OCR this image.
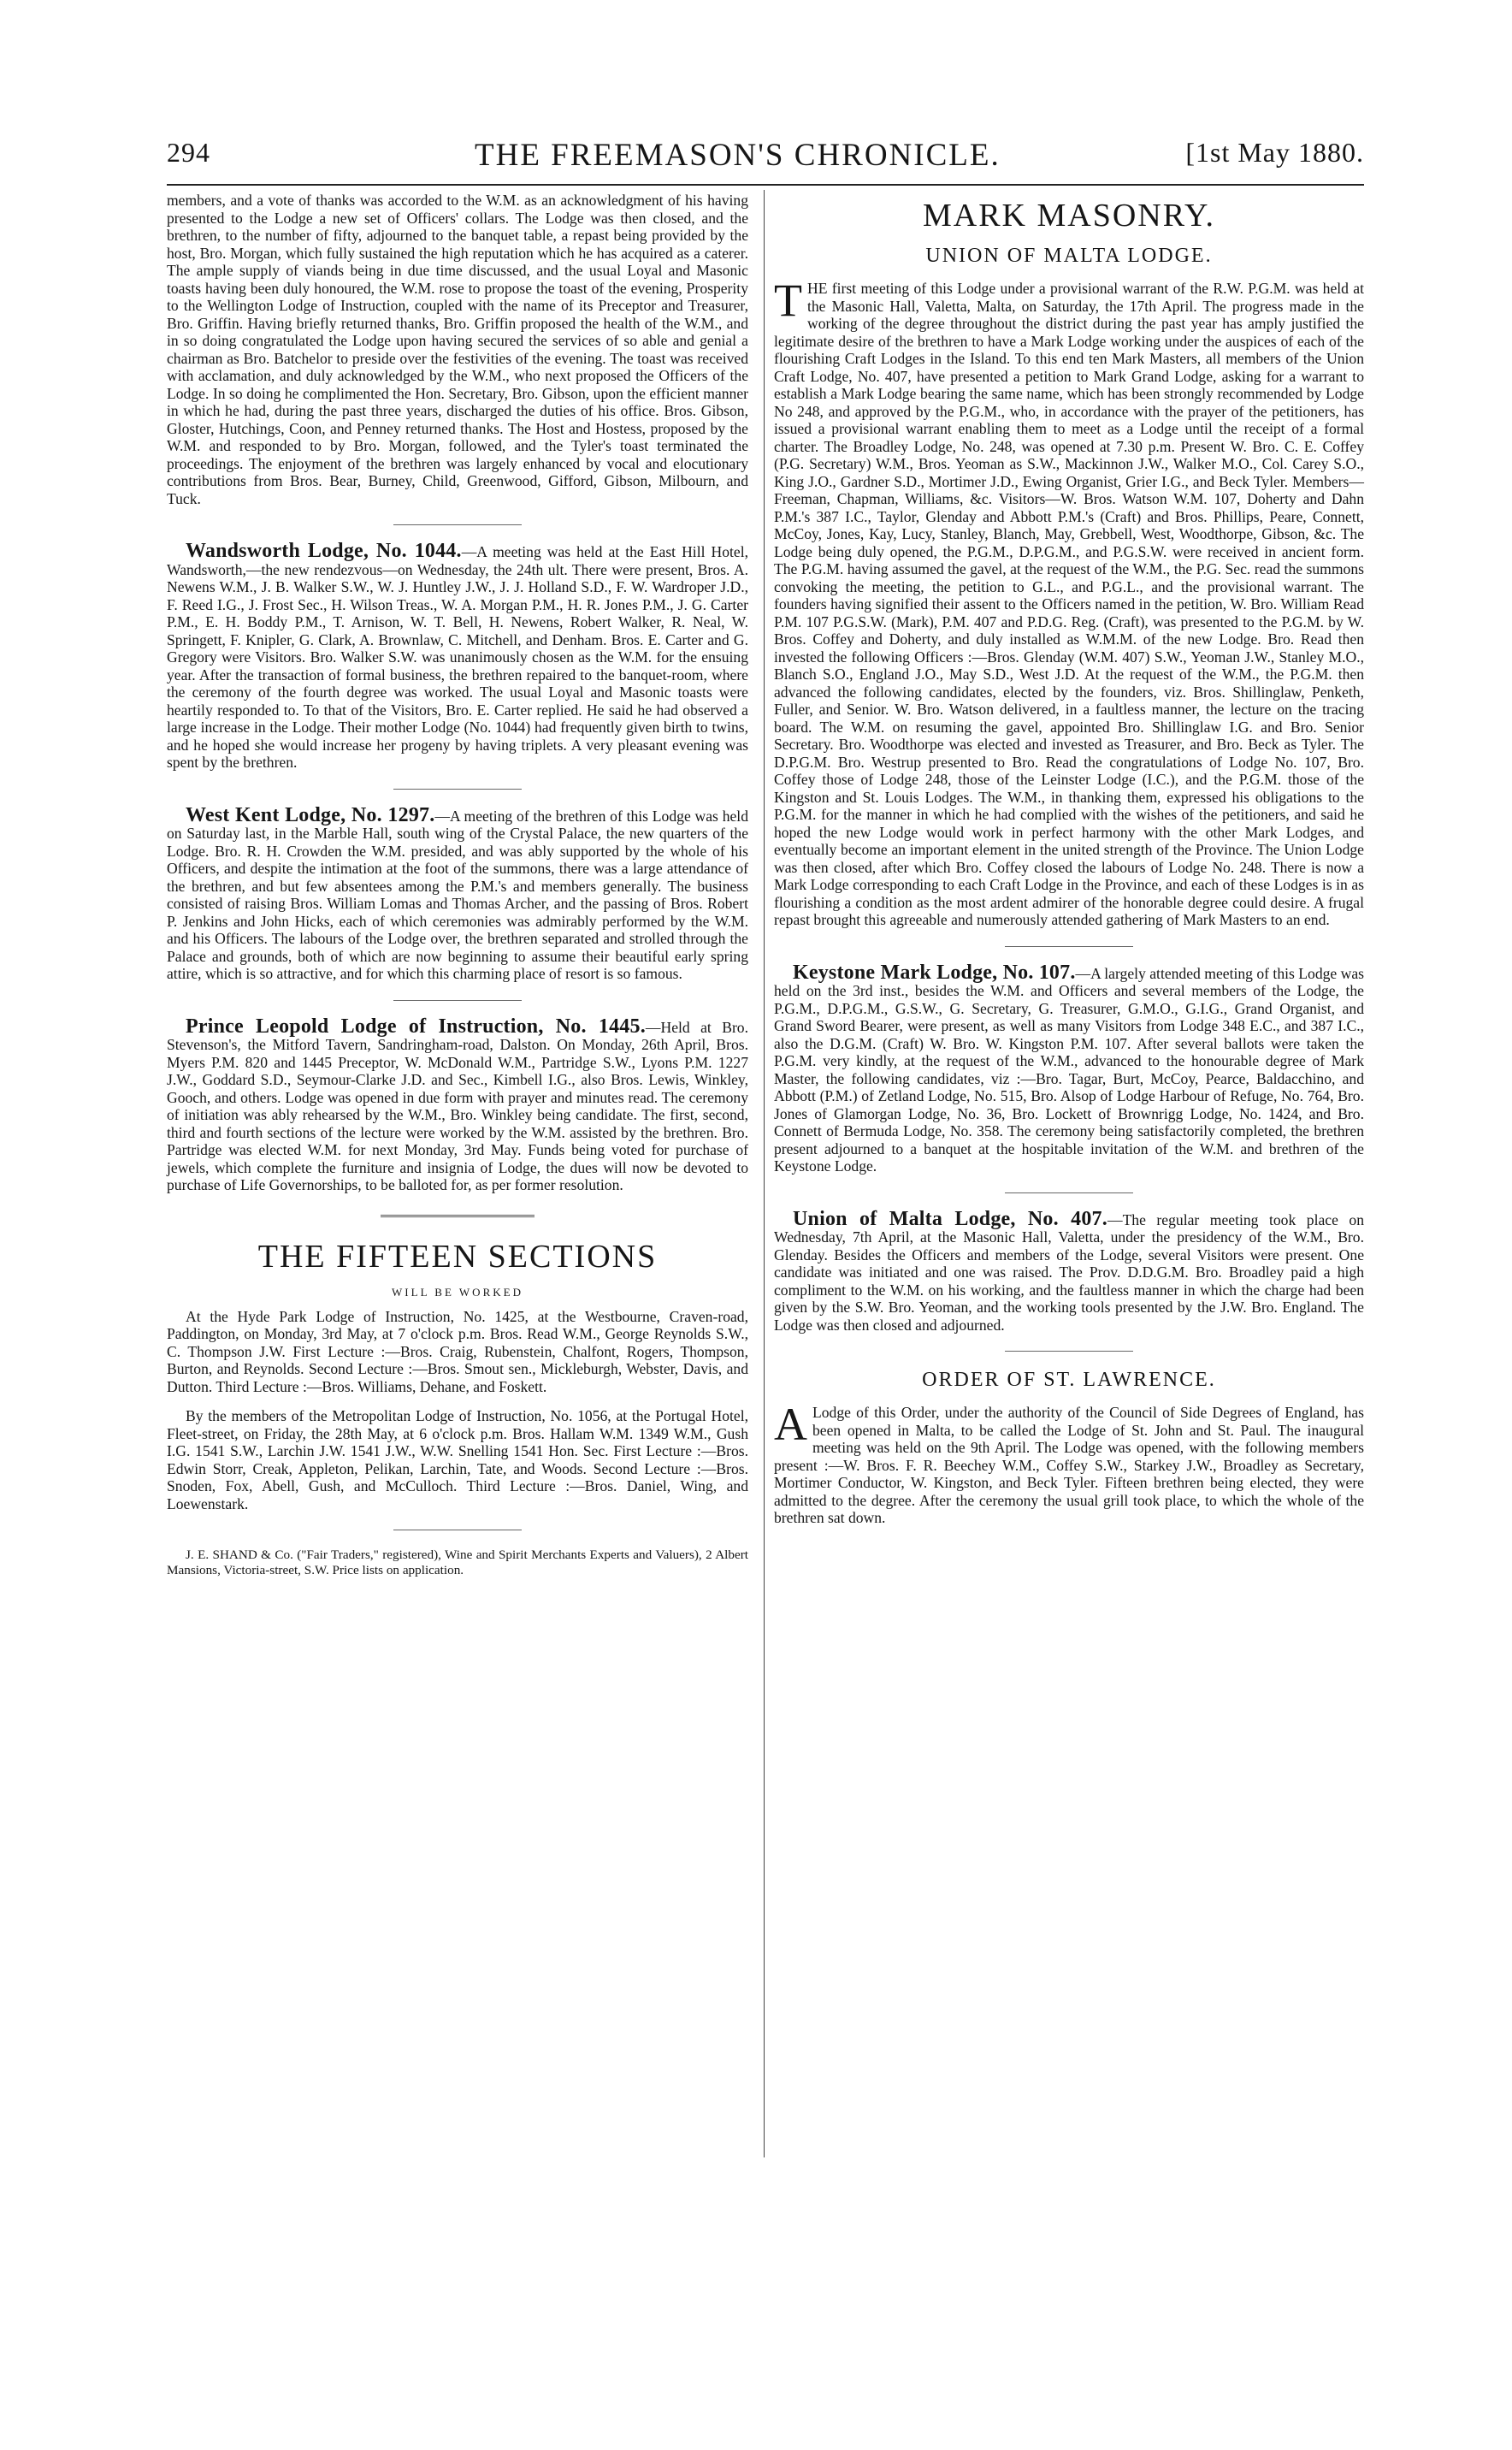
294	THE FREEMASON'S CHRONICLE.	[1st May 1880.

members, and a vote of thanks was accorded to the W.M. as an acknowledgment of his having presented to the Lodge a new set of Officers' collars. The Lodge was then closed, and the brethren, to the number of fifty, adjourned to the banquet table, a repast being provided by the host, Bro. Morgan, which fully sustained the high reputation which he has acquired as a caterer. The ample supply of viands being in due time discussed, and the usual Loyal and Masonic toasts having been duly honoured, the W.M. rose to propose the toast of the evening, Prosperity to the Wellington Lodge of Instruction, coupled with the name of its Preceptor and Treasurer, Bro. Griffin. Having briefly returned thanks, Bro. Griffin proposed the health of the W.M., and in so doing congratulated the Lodge upon having secured the services of so able and genial a chairman as Bro. Batchelor to preside over the festivities of the evening. The toast was received with acclamation, and duly acknowledged by the W.M., who next proposed the Officers of the Lodge. In so doing he complimented the Hon. Secretary, Bro. Gibson, upon the efficient manner in which he had, during the past three years, discharged the duties of his office. Bros. Gibson, Gloster, Hutchings, Coon, and Penney returned thanks. The Host and Hostess, proposed by the W.M. and responded to by Bro. Morgan, followed, and the Tyler's toast terminated the proceedings. The enjoyment of the brethren was largely enhanced by vocal and elocutionary contributions from Bros. Bear, Burney, Child, Greenwood, Gifford, Gibson, Milbourn, and Tuck.

Wandsworth Lodge, No. 1044.—A meeting was held at the East Hill Hotel, Wandsworth,—the new rendezvous—on Wednesday, the 24th ult. There were present, Bros. A. Newens W.M., J. B. Walker S.W., W. J. Huntley J.W., J. J. Holland S.D., F. W. Wardroper J.D., F. Reed I.G., J. Frost Sec., H. Wilson Treas., W. A. Morgan P.M., H. R. Jones P.M., J. G. Carter P.M., E. H. Boddy P.M., T. Arnison, W. T. Bell, H. Newens, Robert Walker, R. Neal, W. Springett, F. Knipler, G. Clark, A. Brownlaw, C. Mitchell, and Denham. Bros. E. Carter and G. Gregory were Visitors. Bro. Walker S.W. was unanimously chosen as the W.M. for the ensuing year. After the transaction of formal business, the brethren repaired to the banquet-room, where the ceremony of the fourth degree was worked. The usual Loyal and Masonic toasts were heartily responded to. To that of the Visitors, Bro. E. Carter replied. He said he had observed a large increase in the Lodge. Their mother Lodge (No. 1044) had frequently given birth to twins, and he hoped she would increase her progeny by having triplets. A very pleasant evening was spent by the brethren.

West Kent Lodge, No. 1297.—A meeting of the brethren of this Lodge was held on Saturday last, in the Marble Hall, south wing of the Crystal Palace, the new quarters of the Lodge. Bro. R. H. Crowden the W.M. presided, and was ably supported by the whole of his Officers, and despite the intimation at the foot of the summons, there was a large attendance of the brethren, and but few absentees among the P.M.'s and members generally. The business consisted of raising Bros. William Lomas and Thomas Archer, and the passing of Bros. Robert P. Jenkins and John Hicks, each of which ceremonies was admirably performed by the W.M. and his Officers. The labours of the Lodge over, the brethren separated and strolled through the Palace and grounds, both of which are now beginning to assume their beautiful early spring attire, which is so attractive, and for which this charming place of resort is so famous.

Prince Leopold Lodge of Instruction, No. 1445.—Held at Bro. Stevenson's, the Mitford Tavern, Sandringham-road, Dalston. On Monday, 26th April, Bros. Myers P.M. 820 and 1445 Preceptor, W. McDonald W.M., Partridge S.W., Lyons P.M. 1227 J.W., Goddard S.D., Seymour-Clarke J.D. and Sec., Kimbell I.G., also Bros. Lewis, Winkley, Gooch, and others. Lodge was opened in due form with prayer and minutes read. The ceremony of initiation was ably rehearsed by the W.M., Bro. Winkley being candidate. The first, second, third and fourth sections of the lecture were worked by the W.M. assisted by the brethren. Bro. Partridge was elected W.M. for next Monday, 3rd May. Funds being voted for purchase of jewels, which complete the furniture and insignia of Lodge, the dues will now be devoted to purchase of Life Governorships, to be balloted for, as per former resolution.

THE FIFTEEN SECTIONS
WILL BE WORKED

At the Hyde Park Lodge of Instruction, No. 1425, at the Westbourne, Craven-road, Paddington, on Monday, 3rd May, at 7 o'clock p.m. Bros. Read W.M., George Reynolds S.W., C. Thompson J.W. First Lecture :—Bros. Craig, Rubenstein, Chalfont, Rogers, Thompson, Burton, and Reynolds. Second Lecture :—Bros. Smout sen., Mickleburgh, Webster, Davis, and Dutton. Third Lecture :—Bros. Williams, Dehane, and Foskett.

By the members of the Metropolitan Lodge of Instruction, No. 1056, at the Portugal Hotel, Fleet-street, on Friday, the 28th May, at 6 o'clock p.m. Bros. Hallam W.M. 1349 W.M., Gush I.G. 1541 S.W., Larchin J.W. 1541 J.W., W.W. Snelling 1541 Hon. Sec. First Lecture :—Bros. Edwin Storr, Creak, Appleton, Pelikan, Larchin, Tate, and Woods. Second Lecture :—Bros. Snoden, Fox, Abell, Gush, and McCulloch. Third Lecture :—Bros. Daniel, Wing, and Loewenstark.

J. E. SHAND & Co. ("Fair Traders," registered), Wine and Spirit Merchants Experts and Valuers), 2 Albert Mansions, Victoria-street, S.W. Price lists on application.

MARK MASONRY.
UNION OF MALTA LODGE.

THE first meeting of this Lodge under a provisional warrant of the R.W. P.G.M. was held at the Masonic Hall, Valetta, Malta, on Saturday, the 17th April. The progress made in the working of the degree throughout the district during the past year has amply justified the legitimate desire of the brethren to have a Mark Lodge working under the auspices of each of the flourishing Craft Lodges in the Island. To this end ten Mark Masters, all members of the Union Craft Lodge, No. 407, have presented a petition to Mark Grand Lodge, asking for a warrant to establish a Mark Lodge bearing the same name, which has been strongly recommended by Lodge No 248, and approved by the P.G.M., who, in accordance with the prayer of the petitioners, has issued a provisional warrant enabling them to meet as a Lodge until the receipt of a formal charter. The Broadley Lodge, No. 248, was opened at 7.30 p.m. Present W. Bro. C. E. Coffey (P.G. Secretary) W.M., Bros. Yeoman as S.W., Mackinnon J.W., Walker M.O., Col. Carey S.O., King J.O., Gardner S.D., Mortimer J.D., Ewing Organist, Grier I.G., and Beck Tyler. Members—Freeman, Chapman, Williams, &c. Visitors—W. Bros. Watson W.M. 107, Doherty and Dahn P.M.'s 387 I.C., Taylor, Glenday and Abbott P.M.'s (Craft) and Bros. Phillips, Peare, Connett, McCoy, Jones, Kay, Lucy, Stanley, Blanch, May, Grebbell, West, Woodthorpe, Gibson, &c. The Lodge being duly opened, the P.G.M., D.P.G.M., and P.G.S.W. were received in ancient form. The P.G.M. having assumed the gavel, at the request of the W.M., the P.G. Sec. read the summons convoking the meeting, the petition to G.L., and P.G.L., and the provisional warrant. The founders having signified their assent to the Officers named in the petition, W. Bro. William Read P.M. 107 P.G.S.W. (Mark), P.M. 407 and P.D.G. Reg. (Craft), was presented to the P.G.M. by W. Bros. Coffey and Doherty, and duly installed as W.M.M. of the new Lodge. Bro. Read then invested the following Officers :—Bros. Glenday (W.M. 407) S.W., Yeoman J.W., Stanley M.O., Blanch S.O., England J.O., May S.D., West J.D. At the request of the W.M., the P.G.M. then advanced the following candidates, elected by the founders, viz. Bros. Shillinglaw, Penketh, Fuller, and Senior. W. Bro. Watson delivered, in a faultless manner, the lecture on the tracing board. The W.M. on resuming the gavel, appointed Bro. Shillinglaw I.G. and Bro. Senior Secretary. Bro. Woodthorpe was elected and invested as Treasurer, and Bro. Beck as Tyler. The D.P.G.M. Bro. Westrup presented to Bro. Read the congratulations of Lodge No. 107, Bro. Coffey those of Lodge 248, those of the Leinster Lodge (I.C.), and the P.G.M. those of the Kingston and St. Louis Lodges. The W.M., in thanking them, expressed his obligations to the P.G.M. for the manner in which he had complied with the wishes of the petitioners, and said he hoped the new Lodge would work in perfect harmony with the other Mark Lodges, and eventually become an important element in the united strength of the Province. The Union Lodge was then closed, after which Bro. Coffey closed the labours of Lodge No. 248. There is now a Mark Lodge corresponding to each Craft Lodge in the Province, and each of these Lodges is in as flourishing a condition as the most ardent admirer of the honorable degree could desire. A frugal repast brought this agreeable and numerously attended gathering of Mark Masters to an end.

Keystone Mark Lodge, No. 107.—A largely attended meeting of this Lodge was held on the 3rd inst., besides the W.M. and Officers and several members of the Lodge, the P.G.M., D.P.G.M., G.S.W., G. Secretary, G. Treasurer, G.M.O., G.I.G., Grand Organist, and Grand Sword Bearer, were present, as well as many Visitors from Lodge 348 E.C., and 387 I.C., also the D.G.M. (Craft) W. Bro. W. Kingston P.M. 107. After several ballots were taken the P.G.M. very kindly, at the request of the W.M., advanced to the honourable degree of Mark Master, the following candidates, viz :—Bro. Tagar, Burt, McCoy, Pearce, Baldacchino, and Abbott (P.M.) of Zetland Lodge, No. 515, Bro. Alsop of Lodge Harbour of Refuge, No. 764, Bro. Jones of Glamorgan Lodge, No. 36, Bro. Lockett of Brownrigg Lodge, No. 1424, and Bro. Connett of Bermuda Lodge, No. 358. The ceremony being satisfactorily completed, the brethren present adjourned to a banquet at the hospitable invitation of the W.M. and brethren of the Keystone Lodge.

Union of Malta Lodge, No. 407.—The regular meeting took place on Wednesday, 7th April, at the Masonic Hall, Valetta, under the presidency of the W.M., Bro. Glenday. Besides the Officers and members of the Lodge, several Visitors were present. One candidate was initiated and one was raised. The Prov. D.D.G.M. Bro. Broadley paid a high compliment to the W.M. on his working, and the faultless manner in which the charge had been given by the S.W. Bro. Yeoman, and the working tools presented by the J.W. Bro. England. The Lodge was then closed and adjourned.

ORDER OF ST. LAWRENCE.

A Lodge of this Order, under the authority of the Council of Side Degrees of England, has been opened in Malta, to be called the Lodge of St. John and St. Paul. The inaugural meeting was held on the 9th April. The Lodge was opened, with the following members present :—W. Bros. F. R. Beechey W.M., Coffey S.W., Starkey J.W., Broadley as Secretary, Mortimer Conductor, W. Kingston, and Beck Tyler. Fifteen brethren being elected, they were admitted to the degree. After the ceremony the usual grill took place, to which the whole of the brethren sat down.
